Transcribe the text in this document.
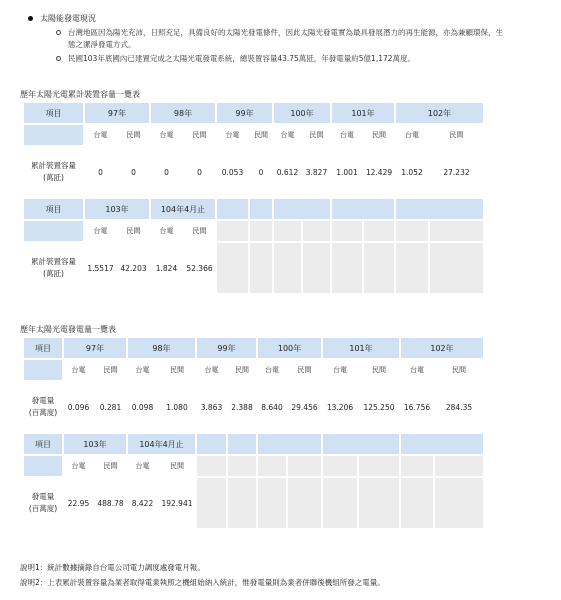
太陽能發電現況
台灣地區因為陽光充沛，日照充足，具備良好的太陽光發電條件，因此太陽光發電實為最具發展潛力的再生能源，亦為兼顧環保，生態之潔淨發電方式。
民國103年底國內已建置完成之太陽光電發電系統，總裝置容量43.75萬瓩，年發電量約5億1,172萬度。
歷年太陽光電累計裝置容量一覽表
項目	97年		98年		99年		100年		101年		102年	
	台電	民間	台電	民間	台電	民間	台電	民間	台電	民間	台電	民間
累計裝置容量
(萬瓩)	0	0	0	0	0.053	0	0.612	3.827	1.001	12.429	1.052	27.232
項目	103年		104年4月止									
	台電	民間	台電	民間								
累計裝置容量
(萬瓩)	1.5517	42.203	1.824	52.366								
歷年太陽光電發電量一覽表
項目	97年		98年		99年		100年		101年		102年	
	台電	民間	台電	民間	台電	民間	台電	民間	台電	民間	台電	民間
發電量
(百萬度)	0.096	0.281	0.098	1.080	3.863	2.388	8.640	29.456	13.206	125.250	16.756	284.35
項目	103年		104年4月止									
	台電	民間	台電	民間								
發電量
(百萬度)	22.95	488.78	8.422	192.941								
說明1：統計數據摘錄自台電公司電力調度處發電月報。
說明2：上表累計裝置容量為業者取得電業執照之機組始納入統計，惟發電量則為業者併聯後機組所發之電量。
